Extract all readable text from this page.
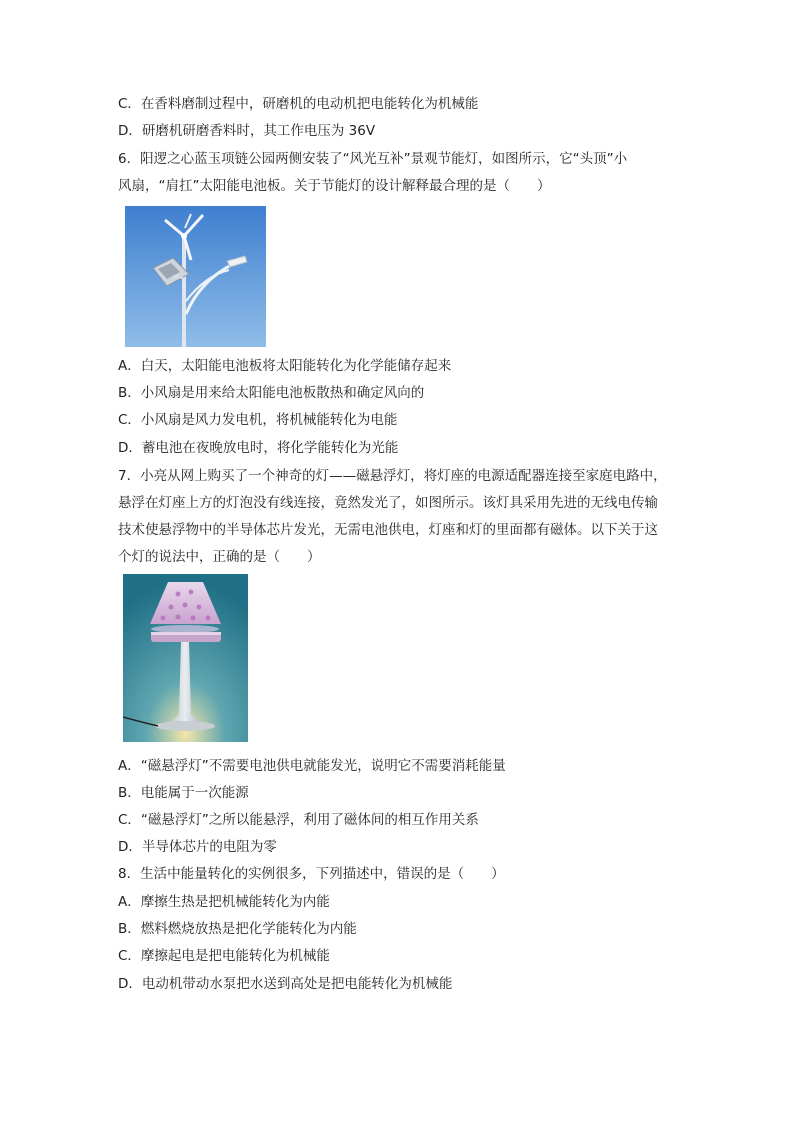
C．在香料磨制过程中，研磨机的电动机把电能转化为机械能
D．研磨机研磨香料时，其工作电压为 36V
6．阳逻之心蓝玉项链公园两侧安装了“风光互补”景观节能灯，如图所示，它“头顶”小
风扇，“肩扛”太阳能电池板。关于节能灯的设计解释最合理的是（　　）
A．白天，太阳能电池板将太阳能转化为化学能储存起来
B．小风扇是用来给太阳能电池板散热和确定风向的
C．小风扇是风力发电机，将机械能转化为电能
D．蓄电池在夜晚放电时，将化学能转化为光能
7．小亮从网上购买了一个神奇的灯——磁悬浮灯，将灯座的电源适配器连接至家庭电路中，
悬浮在灯座上方的灯泡没有线连接，竟然发光了，如图所示。该灯具采用先进的无线电传输
技术使悬浮物中的半导体芯片发光，无需电池供电，灯座和灯的里面都有磁体。以下关于这
个灯的说法中，正确的是（　　）
A．“磁悬浮灯”不需要电池供电就能发光，说明它不需要消耗能量
B．电能属于一次能源
C．“磁悬浮灯”之所以能悬浮，利用了磁体间的相互作用关系
D．半导体芯片的电阻为零
8．生活中能量转化的实例很多，下列描述中，错误的是（　　）
A．摩擦生热是把机械能转化为内能
B．燃料燃烧放热是把化学能转化为内能
C．摩擦起电是把电能转化为机械能
D．电动机带动水泵把水送到高处是把电能转化为机械能
